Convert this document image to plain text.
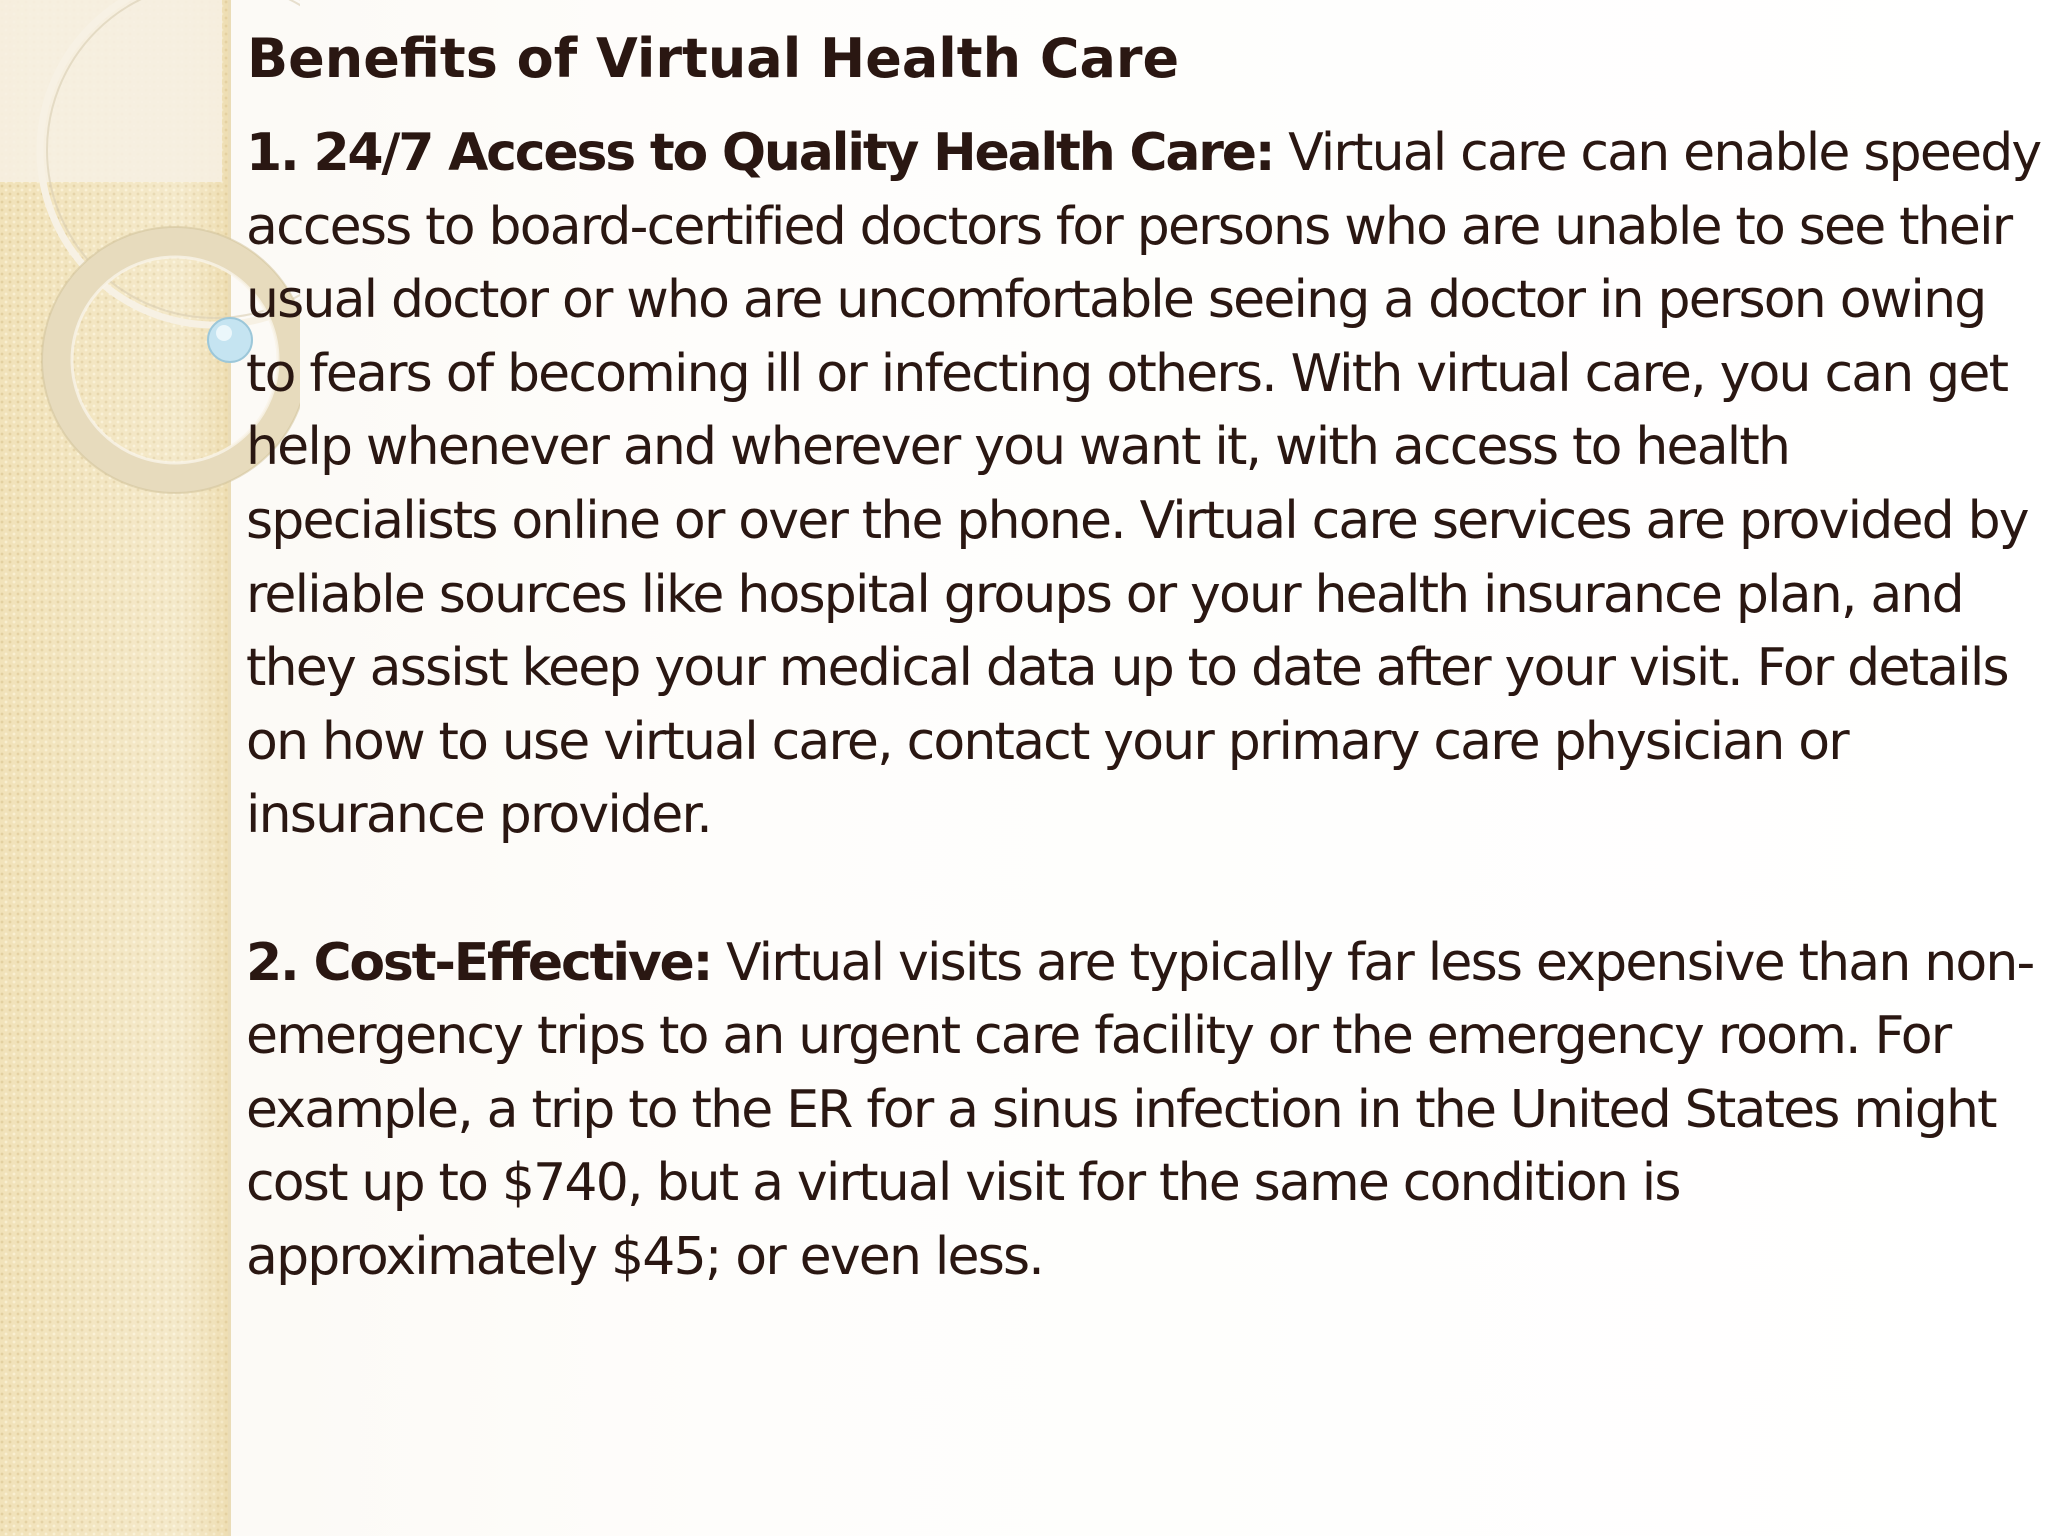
Benefits of Virtual Health Care

1. 24/7 Access to Quality Health Care: Virtual care can enable speedy access to board-certified doctors for persons who are unable to see their usual doctor or who are uncomfortable seeing a doctor in person owing to fears of becoming ill or infecting others. With virtual care, you can get help whenever and wherever you want it, with access to health specialists online or over the phone. Virtual care services are provided by reliable sources like hospital groups or your health insurance plan, and they assist keep your medical data up to date after your visit. For details on how to use virtual care, contact your primary care physician or insurance provider.

2. Cost-Effective: Virtual visits are typically far less expensive than non-emergency trips to an urgent care facility or the emergency room. For example, a trip to the ER for a sinus infection in the United States might cost up to $740, but a virtual visit for the same condition is approximately $45; or even less.
